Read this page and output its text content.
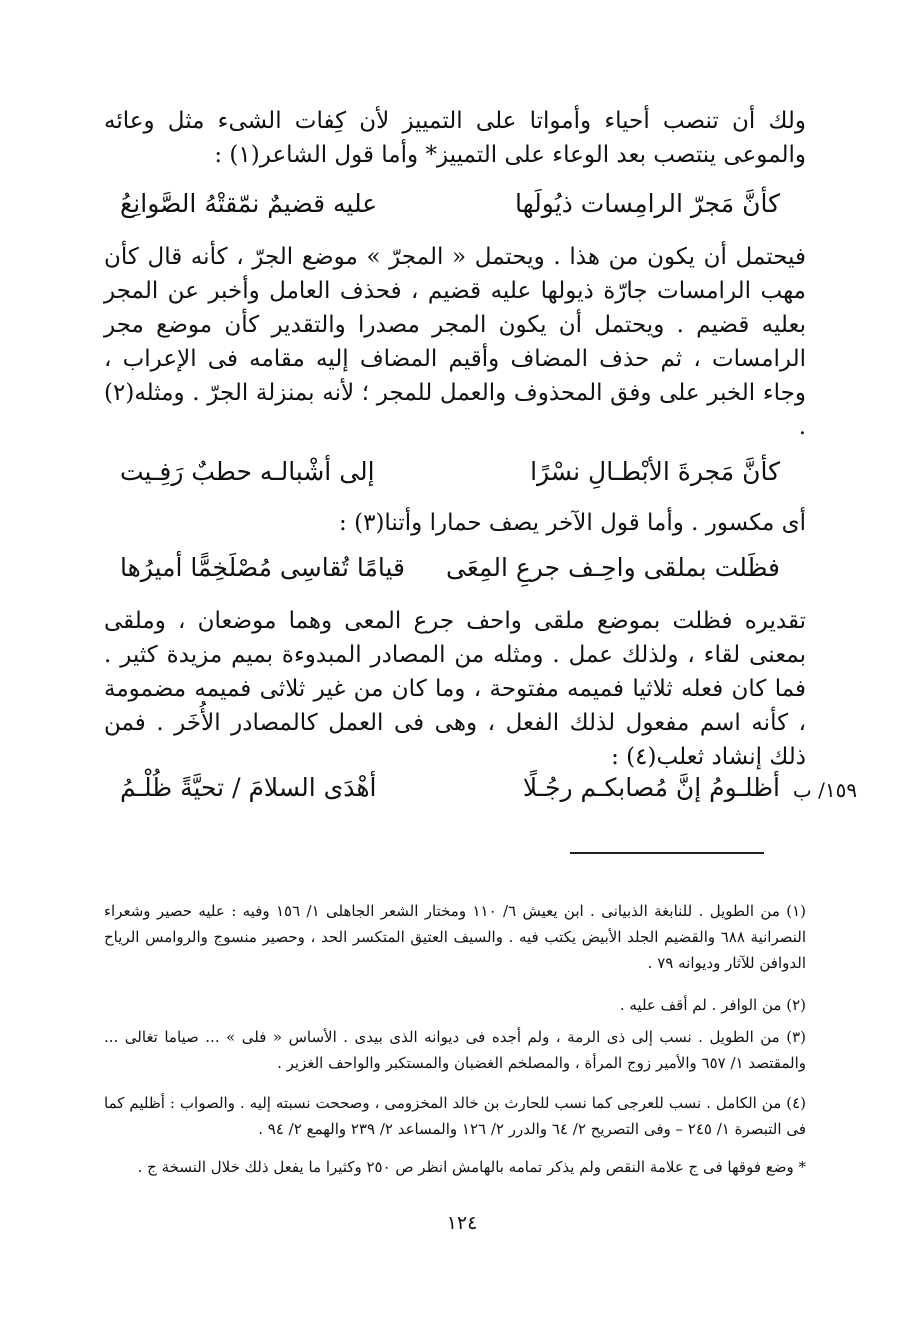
ولك أن تنصب أحياء وأمواتا على التمييز لأن كِفات الشىء مثل وعائه والموعى ينتصب بعد الوعاء على التمييز* وأما قول الشاعر(١) :

كأنَّ مَجرّ الرامِسات ذيُولَها
عليه قضيمٌ نمّقتْهُ الصَّوانِعُ

فيحتمل أن يكون من هذا . ويحتمل « المجرّ » موضع الجرّ ، كأنه قال كأن مهب الرامسات جارّة ذيولها عليه قضيم ، فحذف العامل وأخبر عن المجر بعليه قضيم . ويحتمل أن يكون المجر مصدرا والتقدير كأن موضع مجر الرامسات ، ثم حذف المضاف وأقيم المضاف إليه مقامه فى الإعراب ، وجاء الخبر على وفق المحذوف والعمل للمجر ؛ لأنه بمنزلة الجرّ . ومثله(٢) .

كأنَّ مَجرةَ الأبْطـالِ نسْرًا
إلى أشْبالـه حطبٌ رَفِـيت

أى مكسور . وأما قول الآخر يصف حمارا وأتنا(٣) :

فظَلت بملقى واحِـف جرعِ المِعَى
قيامًا تُقاسِى مُصْلَخِمًّا أميرُها

تقديره فظلت بموضع ملقى واحف جرع المعى وهما موضعان ، وملقى بمعنى لقاء ، ولذلك عمل . ومثله من المصادر المبدوءة بميم مزيدة كثير . فما كان فعله ثلاثيا فميمه مفتوحة ، وما كان من غير ثلاثى فميمه مضمومة ، كأنه اسم مفعول لذلك الفعل ، وهى فى العمل كالمصادر الأُخَر . فمن ذلك إنشاد ثعلب(٤) :

أظلـومُ إنَّ مُصابكـم رجُـلًا
أهْدَى السلامَ / تحيَّةً ظُلْـمُ	١٥٩/ ب

(١) من الطويل . للنابغة الذبيانى . ابن يعيش ٦/ ١١٠ ومختار الشعر الجاهلى ١/ ١٥٦ وفيه : عليه حصير وشعراء النصرانية ٦٨٨ والقضيم الجلد الأبيض يكتب فيه . والسيف العتيق المتكسر الحد ، وحصير منسوج والروامس الرياح الدوافن للآثار وديوانه ٧٩ .

(٢) من الوافر . لم أقف عليه .

(٣) من الطويل . نسب إلى ذى الرمة ، ولم أجده فى ديوانه الذى بيدى . الأساس « فلى » ... صياما تغالى ... والمقتصد ١/ ٦٥٧ والأمير زوج المرأة ، والمصلخم الغضبان والمستكبر والواحف الغزير .

(٤) من الكامل . نسب للعرجى كما نسب للحارث بن خالد المخزومى ، وصححت نسبته إليه . والصواب : أظليم كما فى التبصرة ١/ ٢٤٥ – وفى التصريح ٢/ ٦٤ والدرر ٢/ ١٢٦ والمساعد ٢/ ٢٣٩ والهمع ٢/ ٩٤ .

* وضع فوقها فى ج علامة النقص ولم يذكر تمامه بالهامش انظر ص ٢٥٠ وكثيرا ما يفعل ذلك خلال النسخة ج .

١٢٤
